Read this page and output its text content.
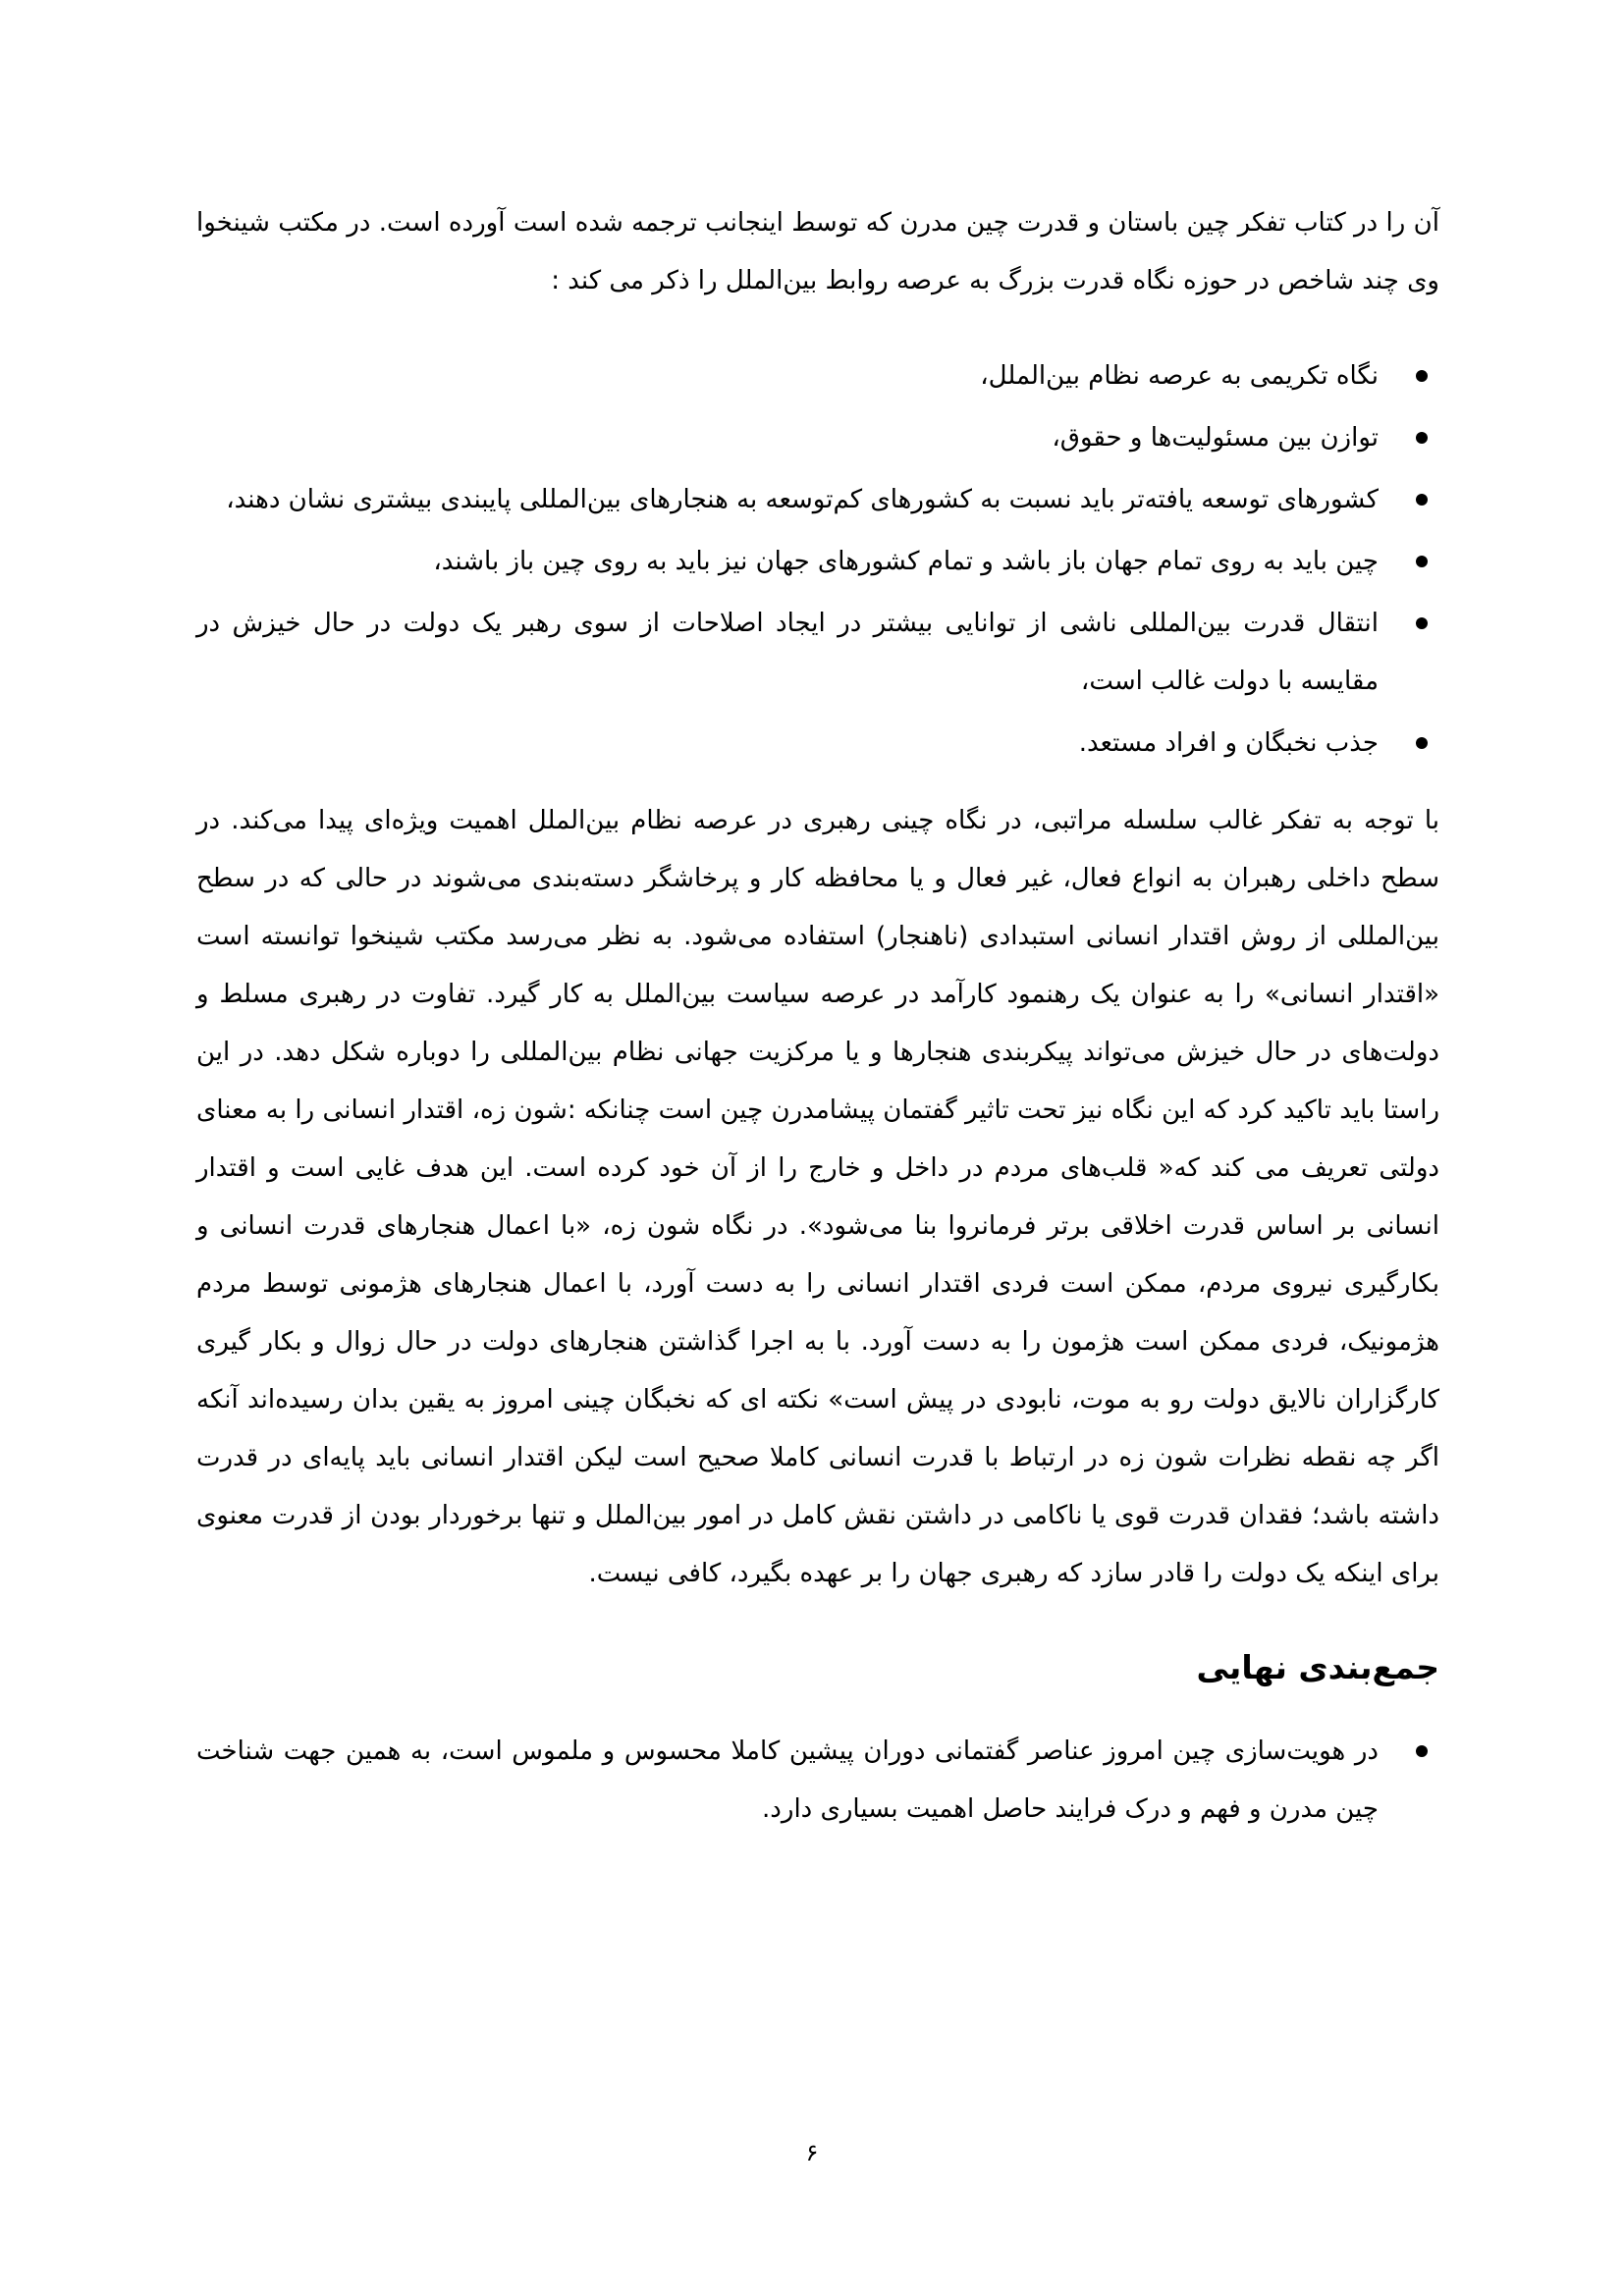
آن را در کتاب تفکر چین باستان و قدرت چین مدرن که توسط اینجانب ترجمه شده است آورده است. در مکتب شینخوا وی چند شاخص در حوزه نگاه قدرت بزرگ به عرصه روابط بین‌الملل را ذکر می کند :

نگاه تکریمی به عرصه نظام بین‌الملل،
توازن بین مسئولیت‌ها و حقوق،
کشورهای توسعه یافته‌تر باید نسبت به کشورهای کم‌توسعه به هنجارهای بین‌المللی پایبندی بیشتری نشان دهند،
چین باید به روی تمام جهان باز باشد و تمام کشورهای جهان نیز باید به روی چین باز باشند،
انتقال قدرت بین‌المللی ناشی از توانایی بیشتر در ایجاد اصلاحات از سوی رهبر یک دولت در حال خیزش در مقایسه با دولت غالب است،
جذب نخبگان و افراد مستعد.

با توجه به تفکر غالب سلسله مراتبی، در نگاه چینی رهبری در عرصه نظام بین‌الملل اهمیت ویژه‌ای پیدا می‌کند. در سطح داخلی رهبران به انواع فعال، غیر فعال و یا محافظه کار و پرخاشگر دسته‌بندی می‌شوند در حالی که در سطح بین‌المللی از روش اقتدار انسانی استبدادی (ناهنجار) استفاده می‌شود. به نظر می‌رسد مکتب شینخوا توانسته است «اقتدار انسانی» را به عنوان یک رهنمود کارآمد در عرصه سیاست بین‌الملل به کار گیرد. تفاوت در رهبری مسلط و دولت‌های در حال خیزش می‌تواند پیکربندی هنجارها و یا مرکزیت جهانی نظام بین‌المللی را دوباره شکل دهد. در این راستا باید تاکید کرد که این نگاه نیز تحت تاثیر گفتمان پیشامدرن چین است چنانکه :شون زه، اقتدار انسانی را به معنای دولتی تعریف می کند که« قلب‌های مردم در داخل و خارج را از آن خود کرده است. این هدف غایی است و اقتدار انسانی بر اساس قدرت اخلاقی برتر فرمانروا بنا می‌شود». در نگاه شون زه، «با اعمال هنجارهای قدرت انسانی و بکارگیری نیروی مردم، ممکن است فردی اقتدار انسانی را به دست آورد، با اعمال هنجارهای هژمونی توسط مردم هژمونیک، فردی ممکن است هژمون را به دست آورد. با به اجرا گذاشتن هنجارهای دولت در حال زوال و بکار گیری کارگزاران نالایق دولت رو به موت، نابودی در پیش است» نکته ای که نخبگان چینی امروز به یقین بدان رسیده‌اند آنکه اگر چه نقطه نظرات شون زه در ارتباط با قدرت انسانی کاملا صحیح است لیکن اقتدار انسانی باید پایه‌ای در قدرت داشته باشد؛ فقدان قدرت قوی یا ناکامی در داشتن نقش کامل در امور بین‌الملل و تنها برخوردار بودن از قدرت معنوی برای اینکه یک دولت را قادر سازد که رهبری جهان را بر عهده بگیرد، کافی نیست.

جمع‌بندی نهایی
در هویت‌سازی چین امروز عناصر گفتمانی دوران پیشین کاملا محسوس و ملموس است، به همین جهت شناخت چین مدرن و فهم و درک فرایند حاصل اهمیت بسیاری دارد.
۶
